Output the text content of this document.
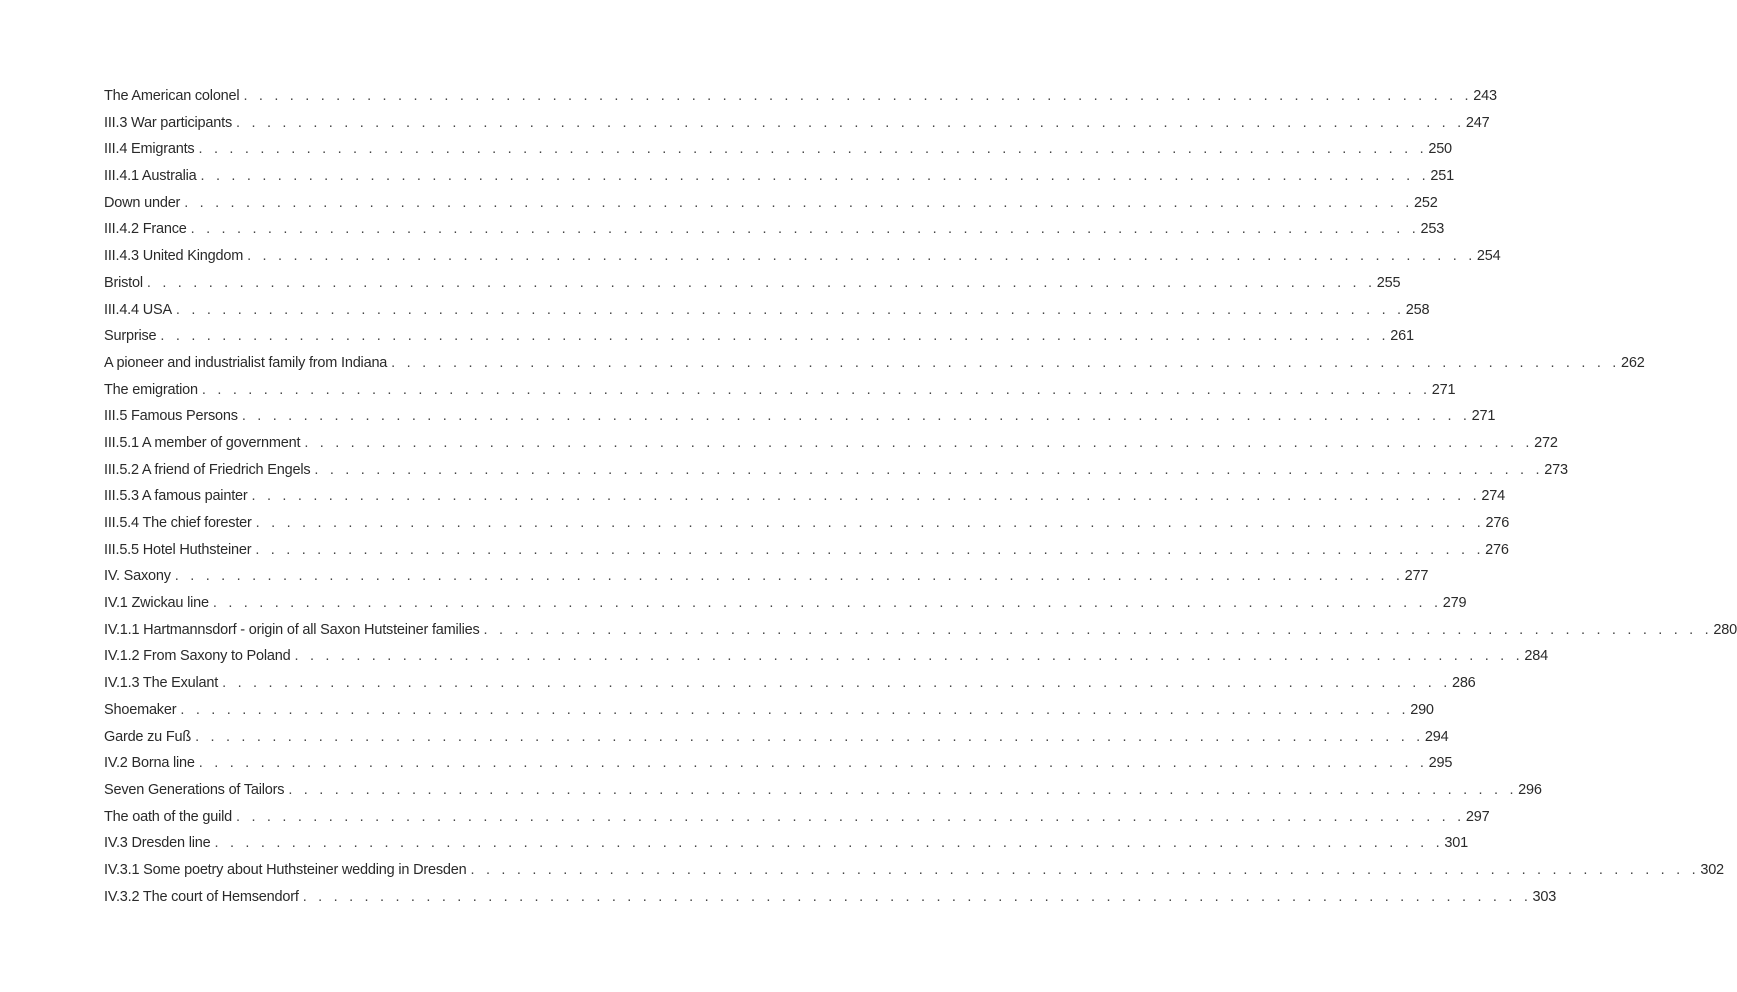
The American colonel . . . . . . . . . . . . . . . . . . . . . . . . . . . . . . . . . . . . . . . . . . . . . . . . . . . . . . . . . . . . . . . . . . . . . . . . . . . . . . . . 243
III.3 War participants . . . . . . . . . . . . . . . . . . . . . . . . . . . . . . . . . . . . . . . . . . . . . . . . . . . . . . . . . . . . . . . . . . . . . . . . . . . . . . . . 247
III.4 Emigrants . . . . . . . . . . . . . . . . . . . . . . . . . . . . . . . . . . . . . . . . . . . . . . . . . . . . . . . . . . . . . . . . . . . . . . . . . . . . . . . . 250
III.4.1 Australia . . . . . . . . . . . . . . . . . . . . . . . . . . . . . . . . . . . . . . . . . . . . . . . . . . . . . . . . . . . . . . . . . . . . . . . . . . . . . . . . 251
Down under . . . . . . . . . . . . . . . . . . . . . . . . . . . . . . . . . . . . . . . . . . . . . . . . . . . . . . . . . . . . . . . . . . . . . . . . . . . . . . . . 252
III.4.2 France . . . . . . . . . . . . . . . . . . . . . . . . . . . . . . . . . . . . . . . . . . . . . . . . . . . . . . . . . . . . . . . . . . . . . . . . . . . . . . . . 253
III.4.3 United Kingdom . . . . . . . . . . . . . . . . . . . . . . . . . . . . . . . . . . . . . . . . . . . . . . . . . . . . . . . . . . . . . . . . . . . . . . . . . . . . . . . . 254
Bristol . . . . . . . . . . . . . . . . . . . . . . . . . . . . . . . . . . . . . . . . . . . . . . . . . . . . . . . . . . . . . . . . . . . . . . . . . . . . . . . . 255
III.4.4 USA . . . . . . . . . . . . . . . . . . . . . . . . . . . . . . . . . . . . . . . . . . . . . . . . . . . . . . . . . . . . . . . . . . . . . . . . . . . . . . . . 258
Surprise . . . . . . . . . . . . . . . . . . . . . . . . . . . . . . . . . . . . . . . . . . . . . . . . . . . . . . . . . . . . . . . . . . . . . . . . . . . . . . . . 261
A pioneer and industrialist family from Indiana . . . . . . . . . . . . . . . . . . . . . . . . . . . . . . . . . . . . . . . . . . . . . . . . . . . . . . . . . . . . . . . . . . . . . . . . . . . . . . . . 262
The emigration . . . . . . . . . . . . . . . . . . . . . . . . . . . . . . . . . . . . . . . . . . . . . . . . . . . . . . . . . . . . . . . . . . . . . . . . . . . . . . . . 271
III.5 Famous Persons . . . . . . . . . . . . . . . . . . . . . . . . . . . . . . . . . . . . . . . . . . . . . . . . . . . . . . . . . . . . . . . . . . . . . . . . . . . . . . . . 271
III.5.1 A member of government . . . . . . . . . . . . . . . . . . . . . . . . . . . . . . . . . . . . . . . . . . . . . . . . . . . . . . . . . . . . . . . . . . . . . . . . . . . . . . . . 272
III.5.2 A friend of Friedrich Engels . . . . . . . . . . . . . . . . . . . . . . . . . . . . . . . . . . . . . . . . . . . . . . . . . . . . . . . . . . . . . . . . . . . . . . . . . . . . . . . . 273
III.5.3 A famous painter . . . . . . . . . . . . . . . . . . . . . . . . . . . . . . . . . . . . . . . . . . . . . . . . . . . . . . . . . . . . . . . . . . . . . . . . . . . . . . . . 274
III.5.4 The chief forester . . . . . . . . . . . . . . . . . . . . . . . . . . . . . . . . . . . . . . . . . . . . . . . . . . . . . . . . . . . . . . . . . . . . . . . . . . . . . . . . 276
III.5.5 Hotel Huthsteiner . . . . . . . . . . . . . . . . . . . . . . . . . . . . . . . . . . . . . . . . . . . . . . . . . . . . . . . . . . . . . . . . . . . . . . . . . . . . . . . . 276
IV. Saxony . . . . . . . . . . . . . . . . . . . . . . . . . . . . . . . . . . . . . . . . . . . . . . . . . . . . . . . . . . . . . . . . . . . . . . . . . . . . . . . . 277
IV.1 Zwickau line . . . . . . . . . . . . . . . . . . . . . . . . . . . . . . . . . . . . . . . . . . . . . . . . . . . . . . . . . . . . . . . . . . . . . . . . . . . . . . . . 279
IV.1.1 Hartmannsdorf - origin of all Saxon Hutsteiner families . . . . . . . . . . . . . . . . . . . . . . . . . . . . . . . . . . . . . . . . . . . . . . . . . . . . . . . . . . . . . . . . . . . . . . . . . . . . . . . . 280
IV.1.2 From Saxony to Poland . . . . . . . . . . . . . . . . . . . . . . . . . . . . . . . . . . . . . . . . . . . . . . . . . . . . . . . . . . . . . . . . . . . . . . . . . . . . . . . . 284
IV.1.3 The Exulant . . . . . . . . . . . . . . . . . . . . . . . . . . . . . . . . . . . . . . . . . . . . . . . . . . . . . . . . . . . . . . . . . . . . . . . . . . . . . . . . 286
Shoemaker . . . . . . . . . . . . . . . . . . . . . . . . . . . . . . . . . . . . . . . . . . . . . . . . . . . . . . . . . . . . . . . . . . . . . . . . . . . . . . . . 290
Garde zu Fuß . . . . . . . . . . . . . . . . . . . . . . . . . . . . . . . . . . . . . . . . . . . . . . . . . . . . . . . . . . . . . . . . . . . . . . . . . . . . . . . . 294
IV.2 Borna line . . . . . . . . . . . . . . . . . . . . . . . . . . . . . . . . . . . . . . . . . . . . . . . . . . . . . . . . . . . . . . . . . . . . . . . . . . . . . . . . 295
Seven Generations of Tailors . . . . . . . . . . . . . . . . . . . . . . . . . . . . . . . . . . . . . . . . . . . . . . . . . . . . . . . . . . . . . . . . . . . . . . . . . . . . . . . . 296
The oath of the guild . . . . . . . . . . . . . . . . . . . . . . . . . . . . . . . . . . . . . . . . . . . . . . . . . . . . . . . . . . . . . . . . . . . . . . . . . . . . . . . . 297
IV.3 Dresden line . . . . . . . . . . . . . . . . . . . . . . . . . . . . . . . . . . . . . . . . . . . . . . . . . . . . . . . . . . . . . . . . . . . . . . . . . . . . . . . . 301
IV.3.1 Some poetry about Huthsteiner wedding in Dresden . . . . . . . . . . . . . . . . . . . . . . . . . . . . . . . . . . . . . . . . . . . . . . . . . . . . . . . . . . . . . . . . . . . . . . . . . . . . . . . . 302
IV.3.2 The court of Hemsendorf . . . . . . . . . . . . . . . . . . . . . . . . . . . . . . . . . . . . . . . . . . . . . . . . . . . . . . . . . . . . . . . . . . . . . . . . . . . . . . . . 303
